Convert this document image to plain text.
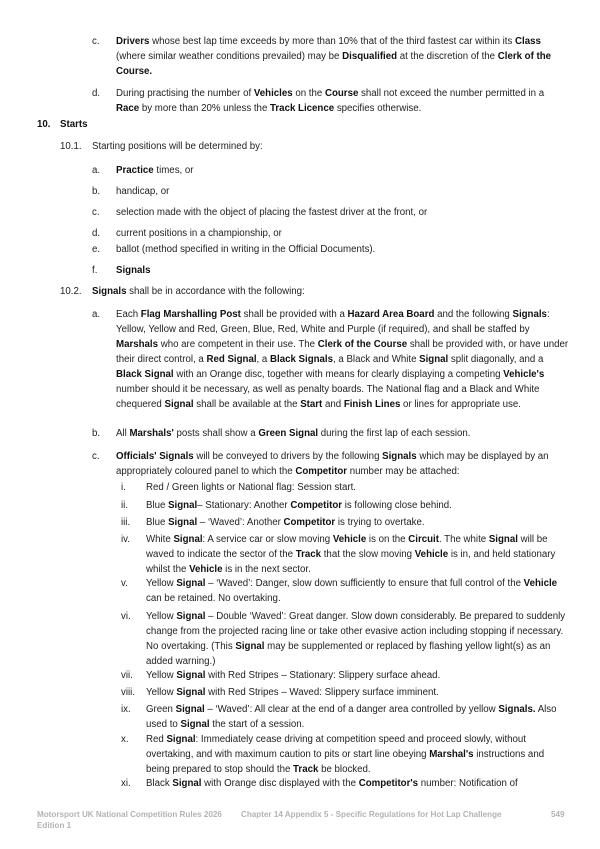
c. Drivers whose best lap time exceeds by more than 10% that of the third fastest car within its Class (where similar weather conditions prevailed) may be Disqualified at the discretion of the Clerk of the Course.
d. During practising the number of Vehicles on the Course shall not exceed the number permitted in a Race by more than 20% unless the Track Licence specifies otherwise.
10. Starts
10.1. Starting positions will be determined by:
a. Practice times, or
b. handicap, or
c. selection made with the object of placing the fastest driver at the front, or
d. current positions in a championship, or
e. ballot (method specified in writing in the Official Documents).
f. Signals
10.2. Signals shall be in accordance with the following:
a. Each Flag Marshalling Post shall be provided with a Hazard Area Board and the following Signals: Yellow, Yellow and Red, Green, Blue, Red, White and Purple (if required), and shall be staffed by Marshals who are competent in their use. The Clerk of the Course shall be provided with, or have under their direct control, a Red Signal, a Black Signals, a Black and White Signal split diagonally, and a Black Signal with an Orange disc, together with means for clearly displaying a competing Vehicle's number should it be necessary, as well as penalty boards. The National flag and a Black and White chequered Signal shall be available at the Start and Finish Lines or lines for appropriate use.
b. All Marshals' posts shall show a Green Signal during the first lap of each session.
c. Officials' Signals will be conveyed to drivers by the following Signals which may be displayed by an appropriately coloured panel to which the Competitor number may be attached:
i. Red / Green lights or National flag: Session start.
ii. Blue Signal– Stationary: Another Competitor is following close behind.
iii. Blue Signal – ‘Waved’: Another Competitor is trying to overtake.
iv. White Signal: A service car or slow moving Vehicle is on the Circuit. The white Signal will be waved to indicate the sector of the Track that the slow moving Vehicle is in, and held stationary whilst the Vehicle is in the next sector.
v. Yellow Signal – ‘Waved’: Danger, slow down sufficiently to ensure that full control of the Vehicle can be retained. No overtaking.
vi. Yellow Signal – Double ‘Waved’: Great danger. Slow down considerably. Be prepared to suddenly change from the projected racing line or take other evasive action including stopping if necessary. No overtaking. (This Signal may be supplemented or replaced by flashing yellow light(s) as an added warning.)
vii. Yellow Signal with Red Stripes – Stationary: Slippery surface ahead.
viii. Yellow Signal with Red Stripes – Waved: Slippery surface imminent.
ix. Green Signal – ‘Waved’: All clear at the end of a danger area controlled by yellow Signals. Also used to Signal the start of a session.
x. Red Signal: Immediately cease driving at competition speed and proceed slowly, without overtaking, and with maximum caution to pits or start line obeying Marshal's instructions and being prepared to stop should the Track be blocked.
xi. Black Signal with Orange disc displayed with the Competitor's number: Notification of
Motorsport UK National Competition Rules 2026
Edition 1
Chapter 14 Appendix 5 - Specific Regulations for Hot Lap Challenge	549
